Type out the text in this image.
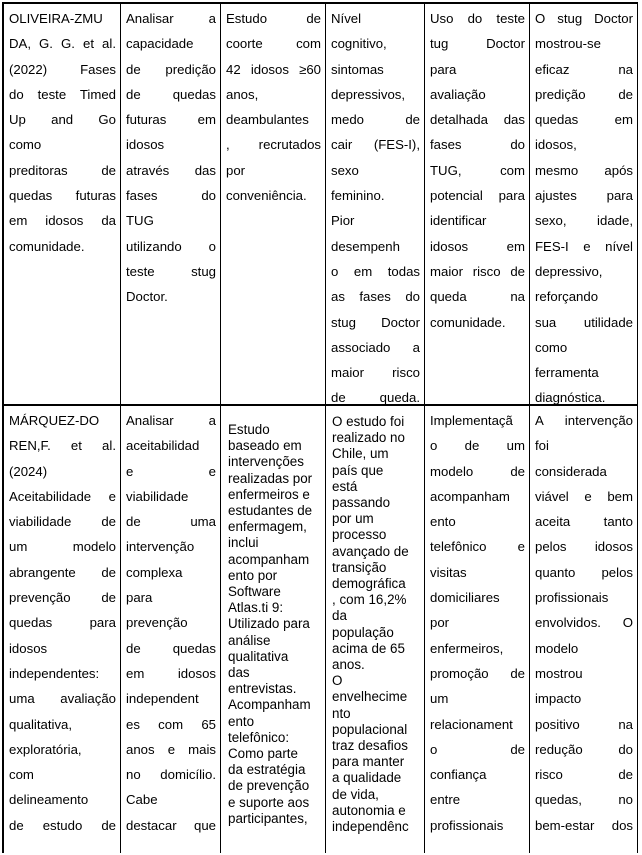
OLIVEIRA-ZMU
DA, G. G. et al.
(2022) Fases
do teste Timed
Up and Go
como
preditoras de
quedas futuras
em idosos da
comunidade.
Analisar a
capacidade
de predição
de quedas
futuras em
idosos
através das
fases do
TUG
utilizando o
teste stug
Doctor.
Estudo de
coorte com
42 idosos ≥60
anos,
deambulantes
, recrutados
por
conveniência.
Nível
cognitivo,
sintomas
depressivos,
medo de
cair (FES-I),
sexo
feminino.
Pior
desempenh
o em todas
as fases do
stug Doctor
associado a
maior risco
de queda.
Uso do teste
tug Doctor
para
avaliação
detalhada das
fases do
TUG, com
potencial para
identificar
idosos em
maior risco de
queda na
comunidade.
O stug Doctor
mostrou-se
eficaz na
predição de
quedas em
idosos,
mesmo após
ajustes para
sexo, idade,
FES-I e nível
depressivo,
reforçando
sua utilidade
como
ferramenta
diagnóstica.
MÁRQUEZ-DO
REN,F. et al.
(2024)
Aceitabilidade e
viabilidade de
um modelo
abrangente de
prevenção de
quedas para
idosos
independentes:
uma avaliação
qualitativa,
exploratória,
com
delineamento
de estudo de
Analisar a
aceitabilidad
e e
viabilidade
de uma
intervenção
complexa
para
prevenção
de quedas
em idosos
independent
es com 65
anos e mais
no domicílio.
Cabe
destacar que
Estudo
baseado em
intervenções
realizadas por
enfermeiros e
estudantes de
enfermagem,
inclui
acompanham
ento por
Software
Atlas.ti 9:
Utilizado para
análise
qualitativa
das
entrevistas.
Acompanham
ento
telefônico:
Como parte
da estratégia
de prevenção
e suporte aos
participantes,
O estudo foi
realizado no
Chile, um
país que
está
passando
por um
processo
avançado de
transição
demográfica
, com 16,2%
da
população
acima de 65
anos.
O
envelhecime
nto
populacional
traz desafios
para manter
a qualidade
de vida,
autonomia e
independênc
Implementaçã
o de um
modelo de
acompanham
ento
telefônico e
visitas
domiciliares
por
enfermeiros,
promoção de
um
relacionament
o de
confiança
entre
profissionais
A intervenção
foi
considerada
viável e bem
aceita tanto
pelos idosos
quanto pelos
profissionais
envolvidos. O
modelo
mostrou
impacto
positivo na
redução do
risco de
quedas, no
bem-estar dos
